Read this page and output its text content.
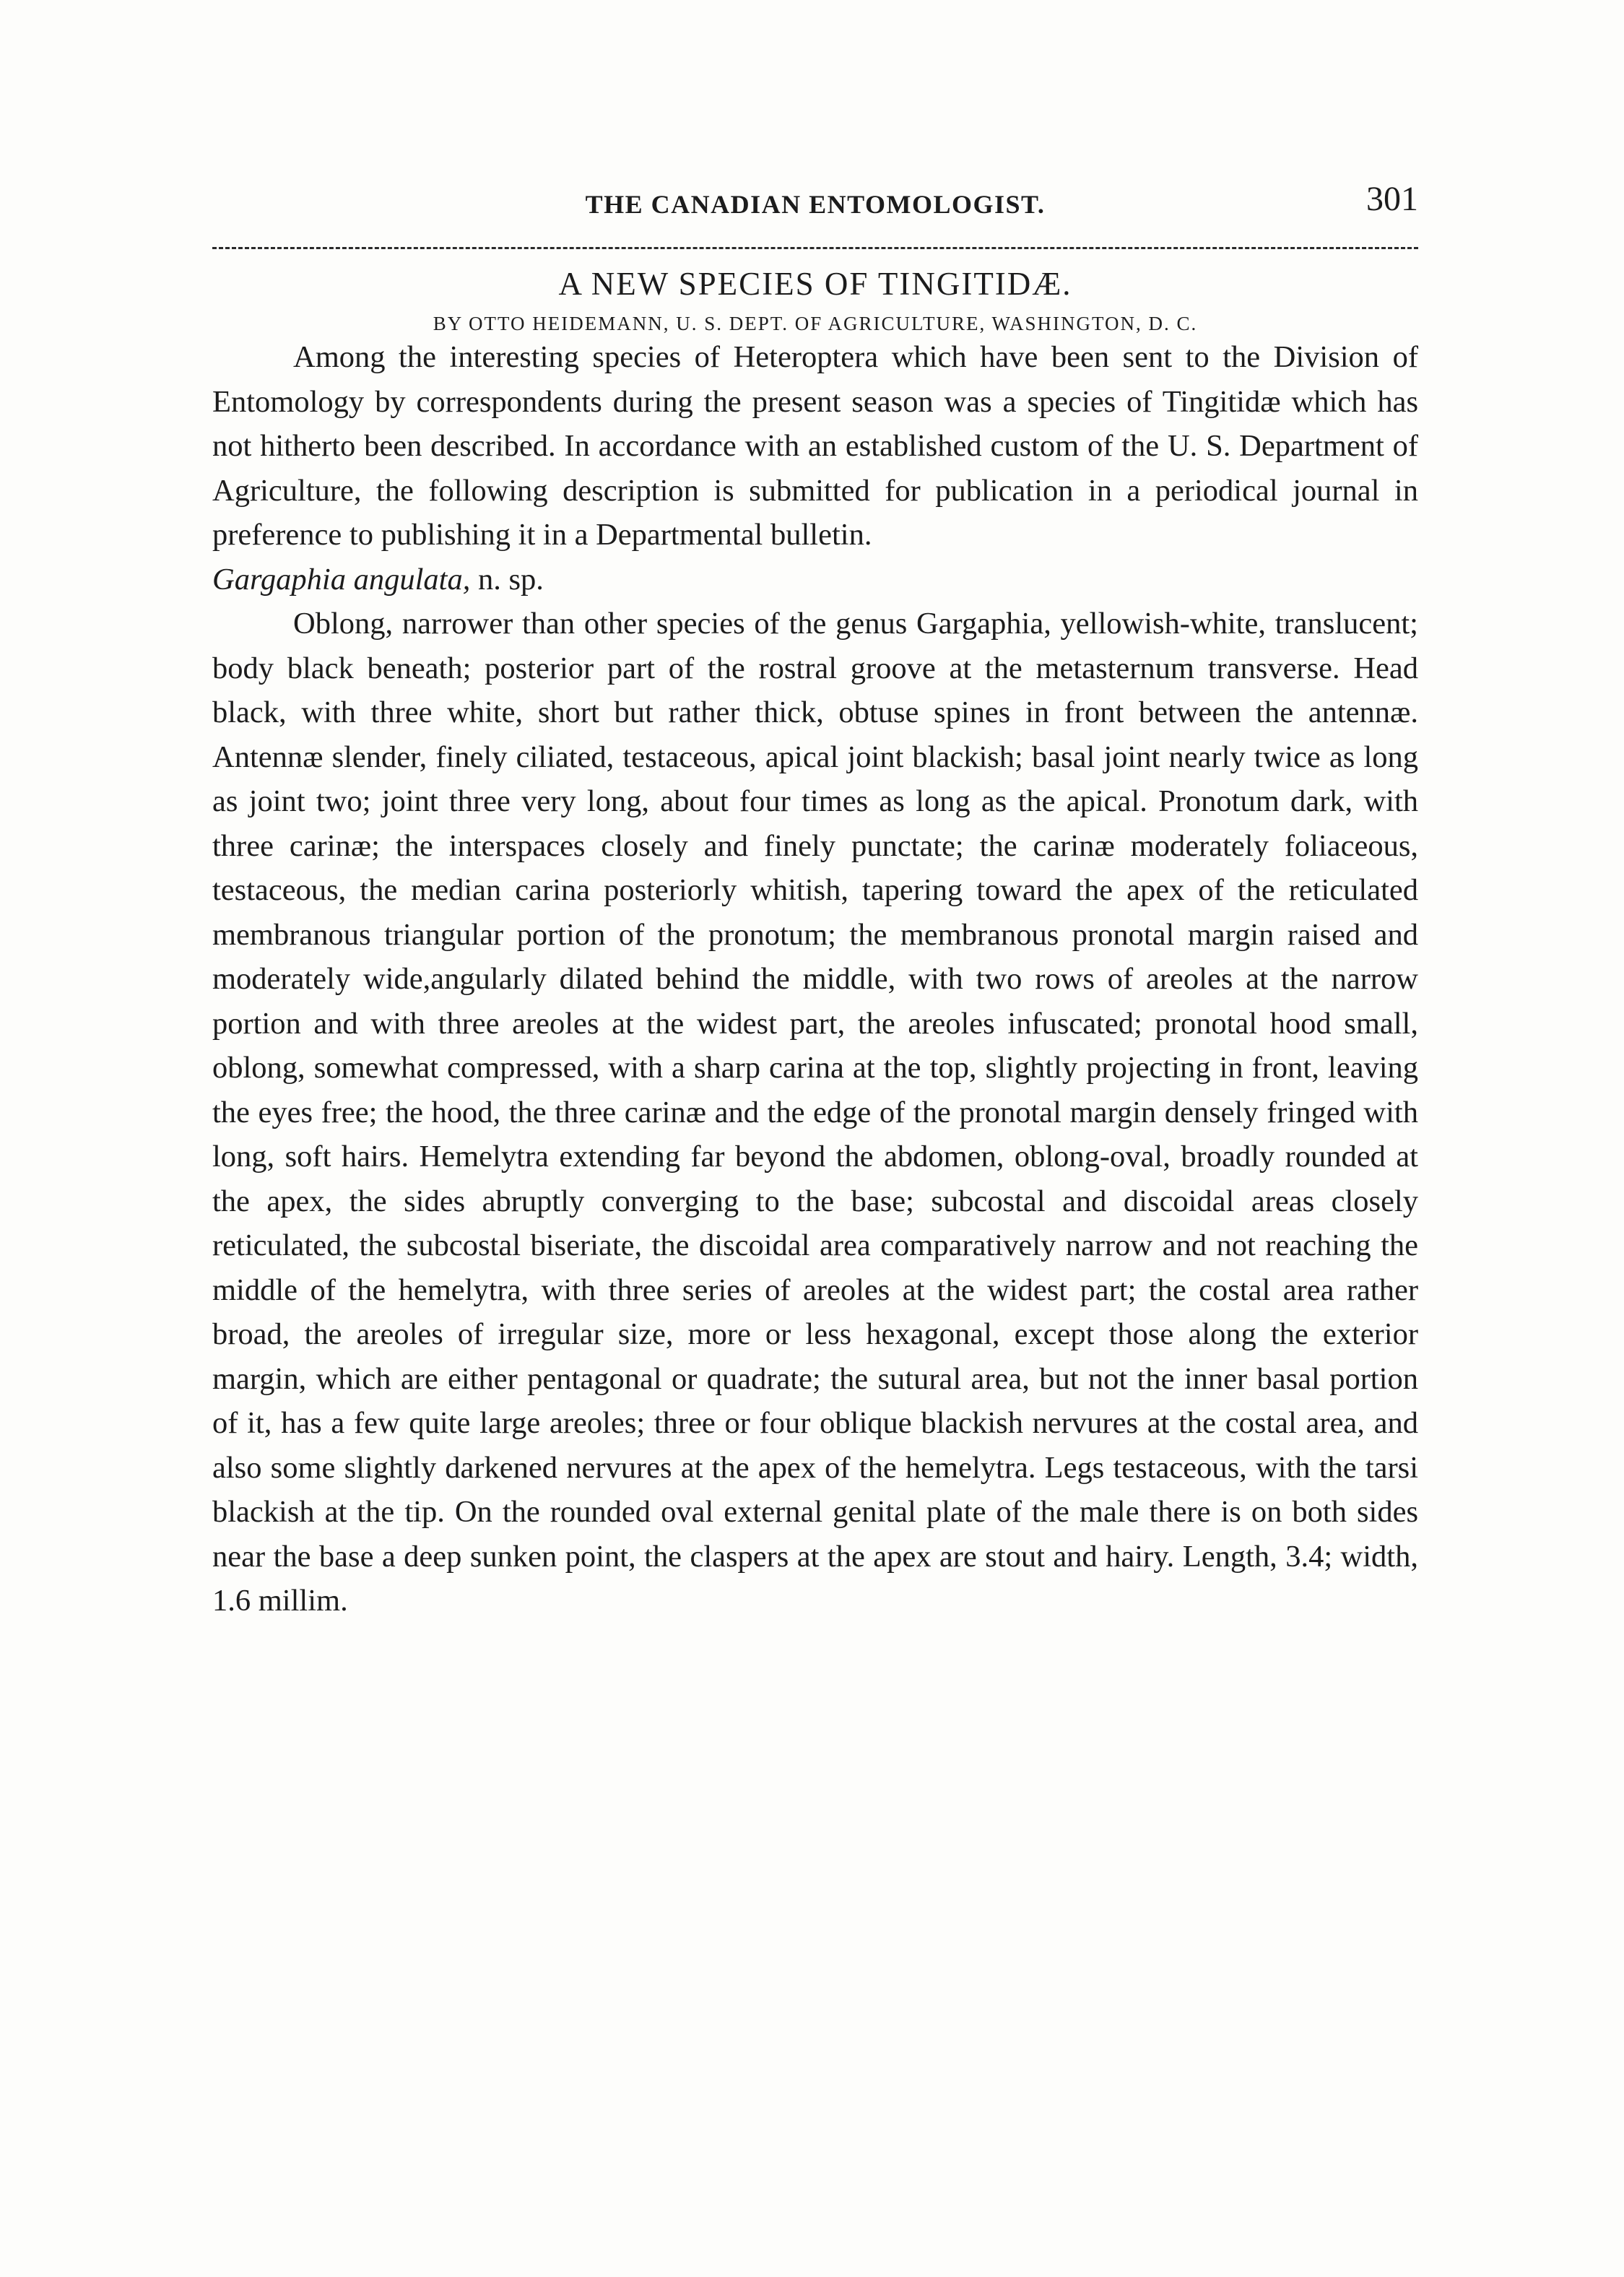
THE CANADIAN ENTOMOLOGIST.	301
A NEW SPECIES OF TINGITIDÆ.
BY OTTO HEIDEMANN, U. S. DEPT. OF AGRICULTURE, WASHINGTON, D. C.

Among the interesting species of Heteroptera which have been sent to the Division of Entomology by correspondents during the present season was a species of Tingitidæ which has not hitherto been described. In accordance with an established custom of the U. S. Department of Agriculture, the following description is submitted for publication in a periodical journal in preference to publishing it in a Departmental bulletin.

Gargaphia angulata, n. sp.

Oblong, narrower than other species of the genus Gargaphia, yellowish-white, translucent; body black beneath; posterior part of the rostral groove at the metasternum transverse. Head black, with three white, short but rather thick, obtuse spines in front between the antennæ. Antennæ slender, finely ciliated, testaceous, apical joint blackish; basal joint nearly twice as long as joint two; joint three very long, about four times as long as the apical. Pronotum dark, with three carinæ; the interspaces closely and finely punctate; the carinæ moderately foliaceous, testaceous, the median carina posteriorly whitish, tapering toward the apex of the reticulated membranous triangular portion of the pronotum; the membranous pronotal margin raised and moderately wide,angularly dilated behind the middle, with two rows of areoles at the narrow portion and with three areoles at the widest part, the areoles infuscated; pronotal hood small, oblong, somewhat compressed, with a sharp carina at the top, slightly projecting in front, leaving the eyes free; the hood, the three carinæ and the edge of the pronotal margin densely fringed with long, soft hairs. Hemelytra extending far beyond the abdomen, oblong-oval, broadly rounded at the apex, the sides abruptly converging to the base; subcostal and discoidal areas closely reticulated, the subcostal biseriate, the discoidal area comparatively narrow and not reaching the middle of the hemelytra, with three series of areoles at the widest part; the costal area rather broad, the areoles of irregular size, more or less hexagonal, except those along the exterior margin, which are either pentagonal or quadrate; the sutural area, but not the inner basal portion of it, has a few quite large areoles; three or four oblique blackish nervures at the costal area, and also some slightly darkened nervures at the apex of the hemelytra. Legs testaceous, with the tarsi blackish at the tip. On the rounded oval external genital plate of the male there is on both sides near the base a deep sunken point, the claspers at the apex are stout and hairy. Length, 3.4; width, 1.6 millim.
